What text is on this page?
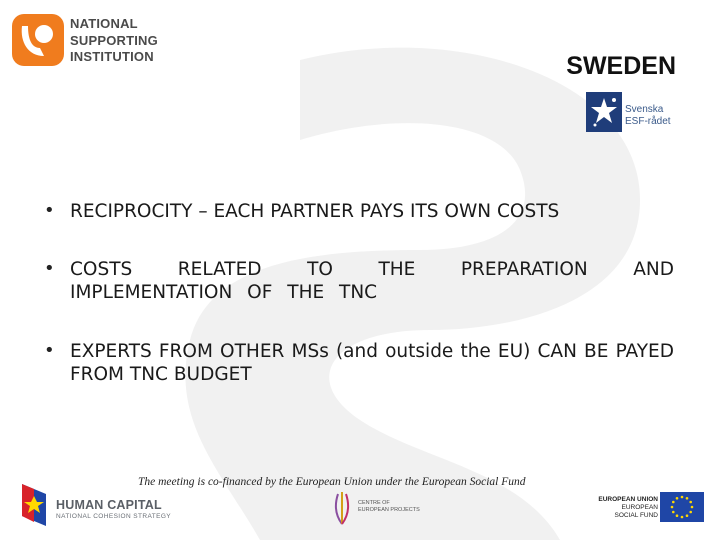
NATIONAL
SUPPORTING
INSTITUTION	SWEDEN
Svenska
ESF-rådet
• RECIPROCITY – EACH PARTNER PAYS ITS OWN COSTS

• COSTS RELATED TO THE PREPARATION AND IMPLEMENTATION OF THE TNC

• EXPERTS FROM OTHER MSs (and outside the EU) CAN BE PAYED FROM TNC BUDGET

The meeting is co-financed by the European Union under the European Social Fund
HUMAN CAPITAL
NATIONAL COHESION STRATEGY
CENTRE OF
EUROPEAN PROJECTS
EUROPEAN UNION
EUROPEAN
SOCIAL FUND
